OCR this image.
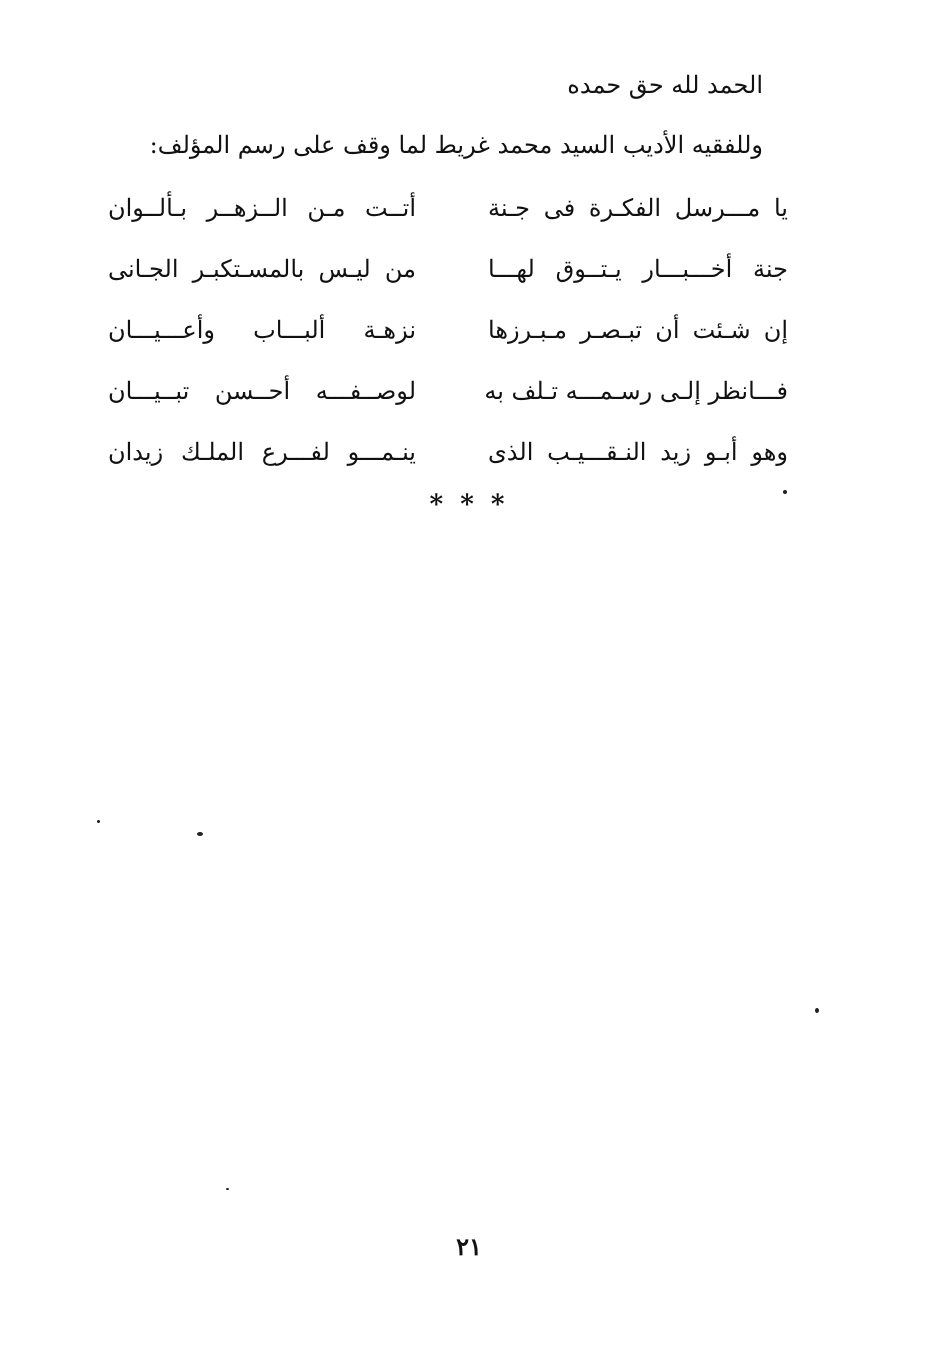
الحمد لله حق حمده
وللفقيه الأديب السيد محمد غريط لما وقف على رسم المؤلف:
يا مـــرسل الفكـرة فى جـنة
أتــت مـن الــزهــر بـألــوان
جنة أخـــبـــار يـتــوق لهـــا
من ليـس بالمسـتكبـر الجـانى
إن شـئت أن تبـصـر مـبـرزها
نزهـة ألبـــاب وأعـــيـــان
فـــانظر إلـى رسـمـــه تـلف به
لوصــفـــه أحــسن تبــيـــان
وهو أبـو زيد النـقـــيـب الذى
ينـمـــو لفـــرع الملـك زيدان
* * *
٢١
